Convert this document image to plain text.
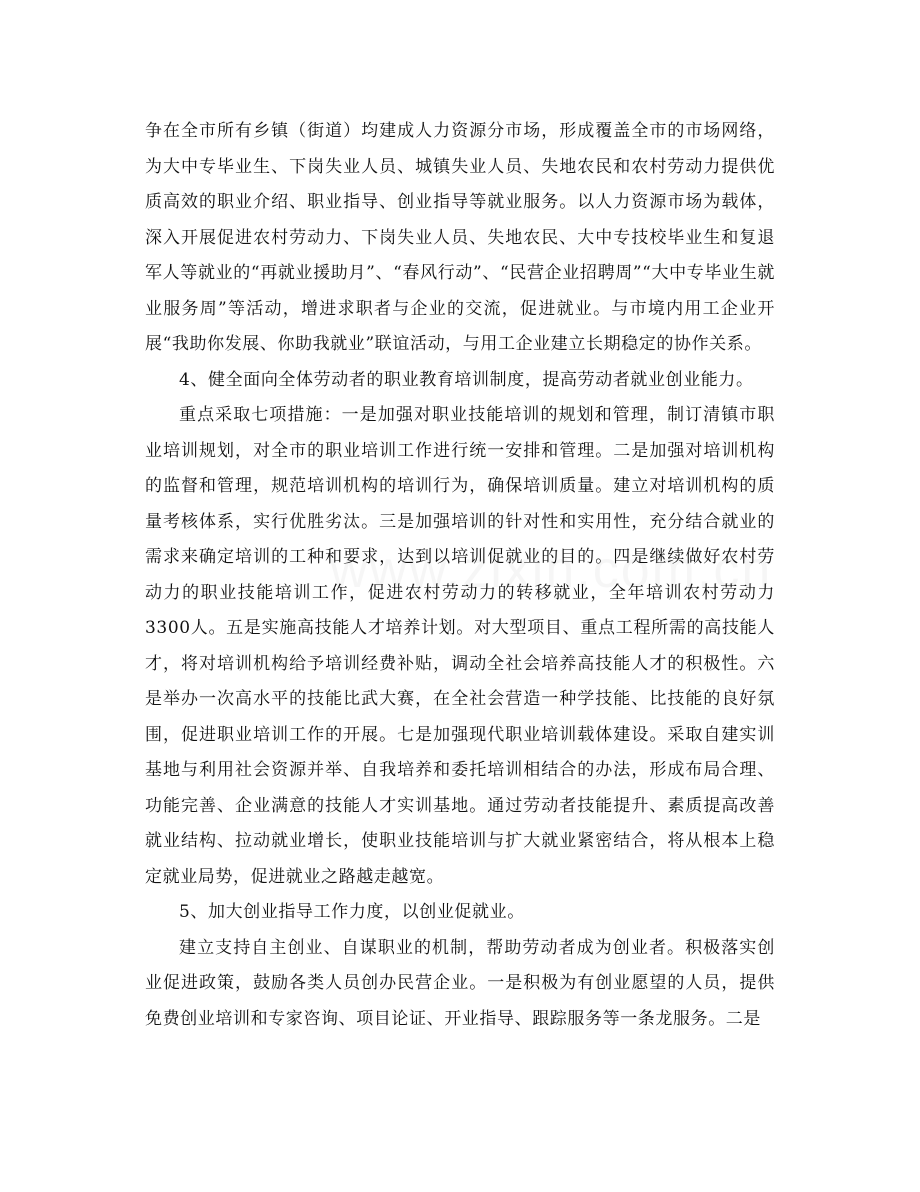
争在全市所有乡镇（街道）均建成人力资源分市场，形成覆盖全市的市场网络，为大中专毕业生、下岗失业人员、城镇失业人员、失地农民和农村劳动力提供优质高效的职业介绍、职业指导、创业指导等就业服务。以人力资源市场为载体，深入开展促进农村劳动力、下岗失业人员、失地农民、大中专技校毕业生和复退军人等就业的“再就业援助月”、“春风行动”、“民营企业招聘周”“大中专毕业生就业服务周”等活动，增进求职者与企业的交流，促进就业。与市境内用工企业开展“我助你发展、你助我就业”联谊活动，与用工企业建立长期稳定的协作关系。

4、健全面向全体劳动者的职业教育培训制度，提高劳动者就业创业能力。

重点采取七项措施：一是加强对职业技能培训的规划和管理，制订清镇市职业培训规划，对全市的职业培训工作进行统一安排和管理。二是加强对培训机构的监督和管理，规范培训机构的培训行为，确保培训质量。建立对培训机构的质量考核体系，实行优胜劣汰。三是加强培训的针对性和实用性，充分结合就业的需求来确定培训的工种和要求，达到以培训促就业的目的。四是继续做好农村劳动力的职业技能培训工作，促进农村劳动力的转移就业，全年培训农村劳动力3300人。五是实施高技能人才培养计划。对大型项目、重点工程所需的高技能人才，将对培训机构给予培训经费补贴，调动全社会培养高技能人才的积极性。六是举办一次高水平的技能比武大赛，在全社会营造一种学技能、比技能的良好氛围，促进职业培训工作的开展。七是加强现代职业培训载体建设。采取自建实训基地与利用社会资源并举、自我培养和委托培训相结合的办法，形成布局合理、功能完善、企业满意的技能人才实训基地。通过劳动者技能提升、素质提高改善就业结构、拉动就业增长，使职业技能培训与扩大就业紧密结合，将从根本上稳定就业局势，促进就业之路越走越宽。

5、加大创业指导工作力度，以创业促就业。

建立支持自主创业、自谋职业的机制，帮助劳动者成为创业者。积极落实创业促进政策，鼓励各类人员创办民营企业。一是积极为有创业愿望的人员，提供免费创业培训和专家咨询、项目论证、开业指导、跟踪服务等一条龙服务。二是
